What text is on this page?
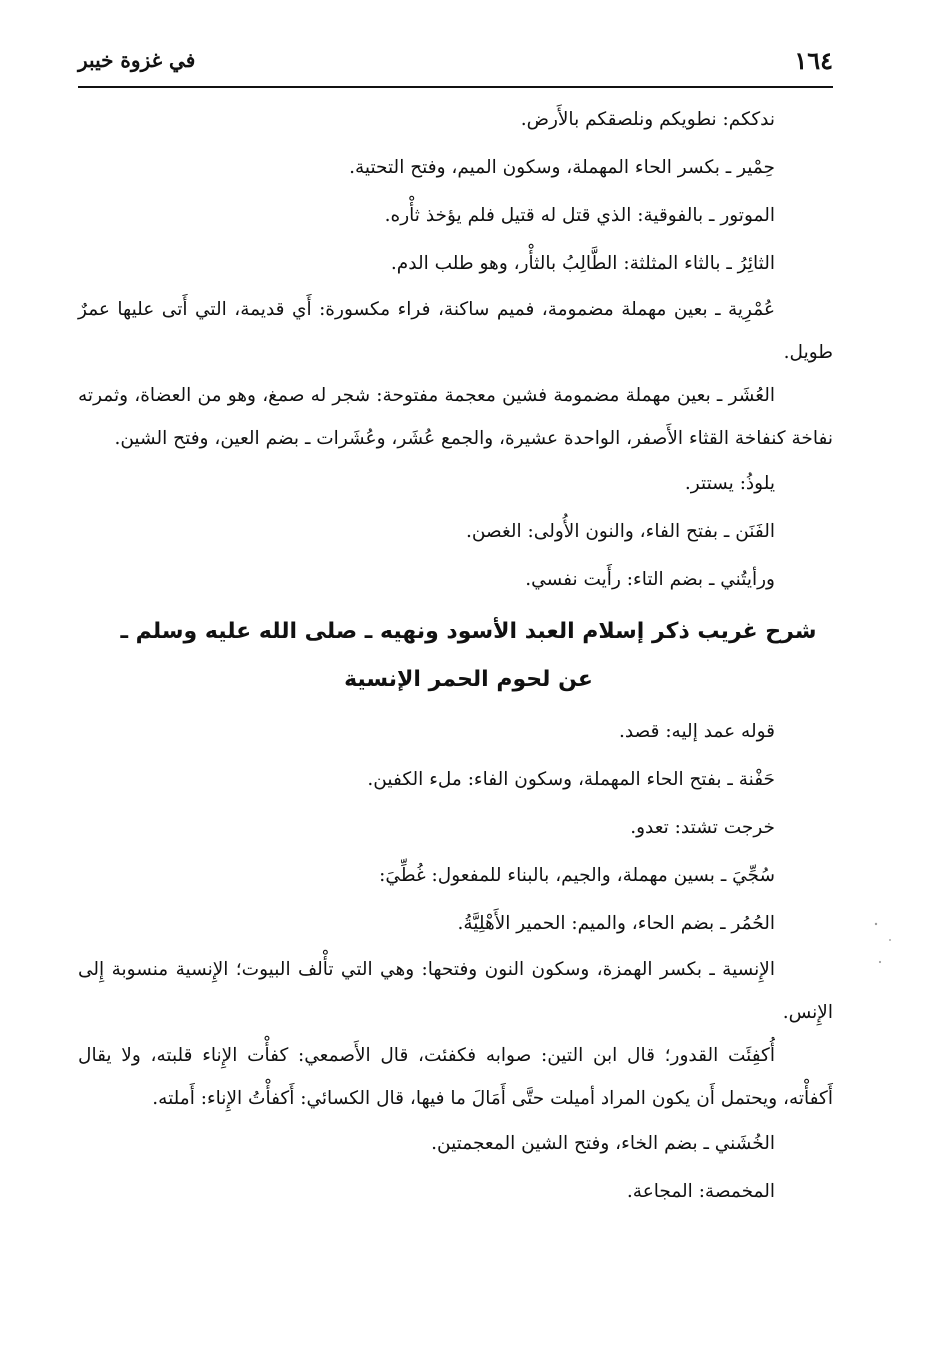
١٦٤
في غزوة خيبر

ندككم: نطويكم ونلصقكم بالأَرض.

حِمْير ـ بكسر الحاء المهملة، وسكون الميم، وفتح التحتية.

الموتور ـ بالفوقية: الذي قتل له قتيل فلم يؤخذ ثأْره.

الثائِرُ ـ بالثاء المثلثة: الطَّالِبُ بالثأْر، وهو طلب الدم.

عُمْرِية ـ بعين مهملة مضمومة، فميم ساكنة، فراء مكسورة: أَي قديمة، التي أَتى عليها عمرٌ طويل.

العُشَر ـ بعين مهملة مضمومة فشين معجمة مفتوحة: شجر له صمغ، وهو من العضاة، وثمرته نفاخة كنفاخة القثاء الأَصفر، الواحدة عشيرة، والجمع عُشَر، وعُشَرات ـ بضم العين، وفتح الشين.

يلوذُ: يستتر.

الفَنَن ـ بفتح الفاء، والنون الأُولى: الغصن.

ورأيتُني ـ بضم التاء: رأَيت نفسي.

شرح غريب ذكر إسلام العبد الأسود ونهيه ـ صلى الله عليه وسلم ـ
عن لحوم الحمر الإنسية

قوله عمد إليه: قصد.

حَفْنة ـ بفتح الحاء المهملة، وسكون الفاء: ملء الكفين.

خرجت تشتد: تعدو.

سُجِّيَ ـ بسين مهملة، والجيم، بالبناء للمفعول: غُطِّيَ:

الحُمُر ـ بضم الحاء، والميم: الحمير الأَهْلِيَّةُ.

الإِنسية ـ بكسر الهمزة، وسكون النون وفتحها: وهي التي تأْلف البيوت؛ الإِنسية منسوبة إِلى الإِنس.

أُكفِئَت القدور؛ قال ابن التين: صوابه فكفئت، قال الأَصمعي: كفأْت الإِناء قلبته، ولا يقال أَكفأْته، ويحتمل أَن يكون المراد أميلت حتَّى أَمَالَ ما فيها، قال الكسائي: أَكفأْتُ الإِناء: أَملته.

الخُشَني ـ بضم الخاء، وفتح الشين المعجمتين.

المخمصة: المجاعة.
